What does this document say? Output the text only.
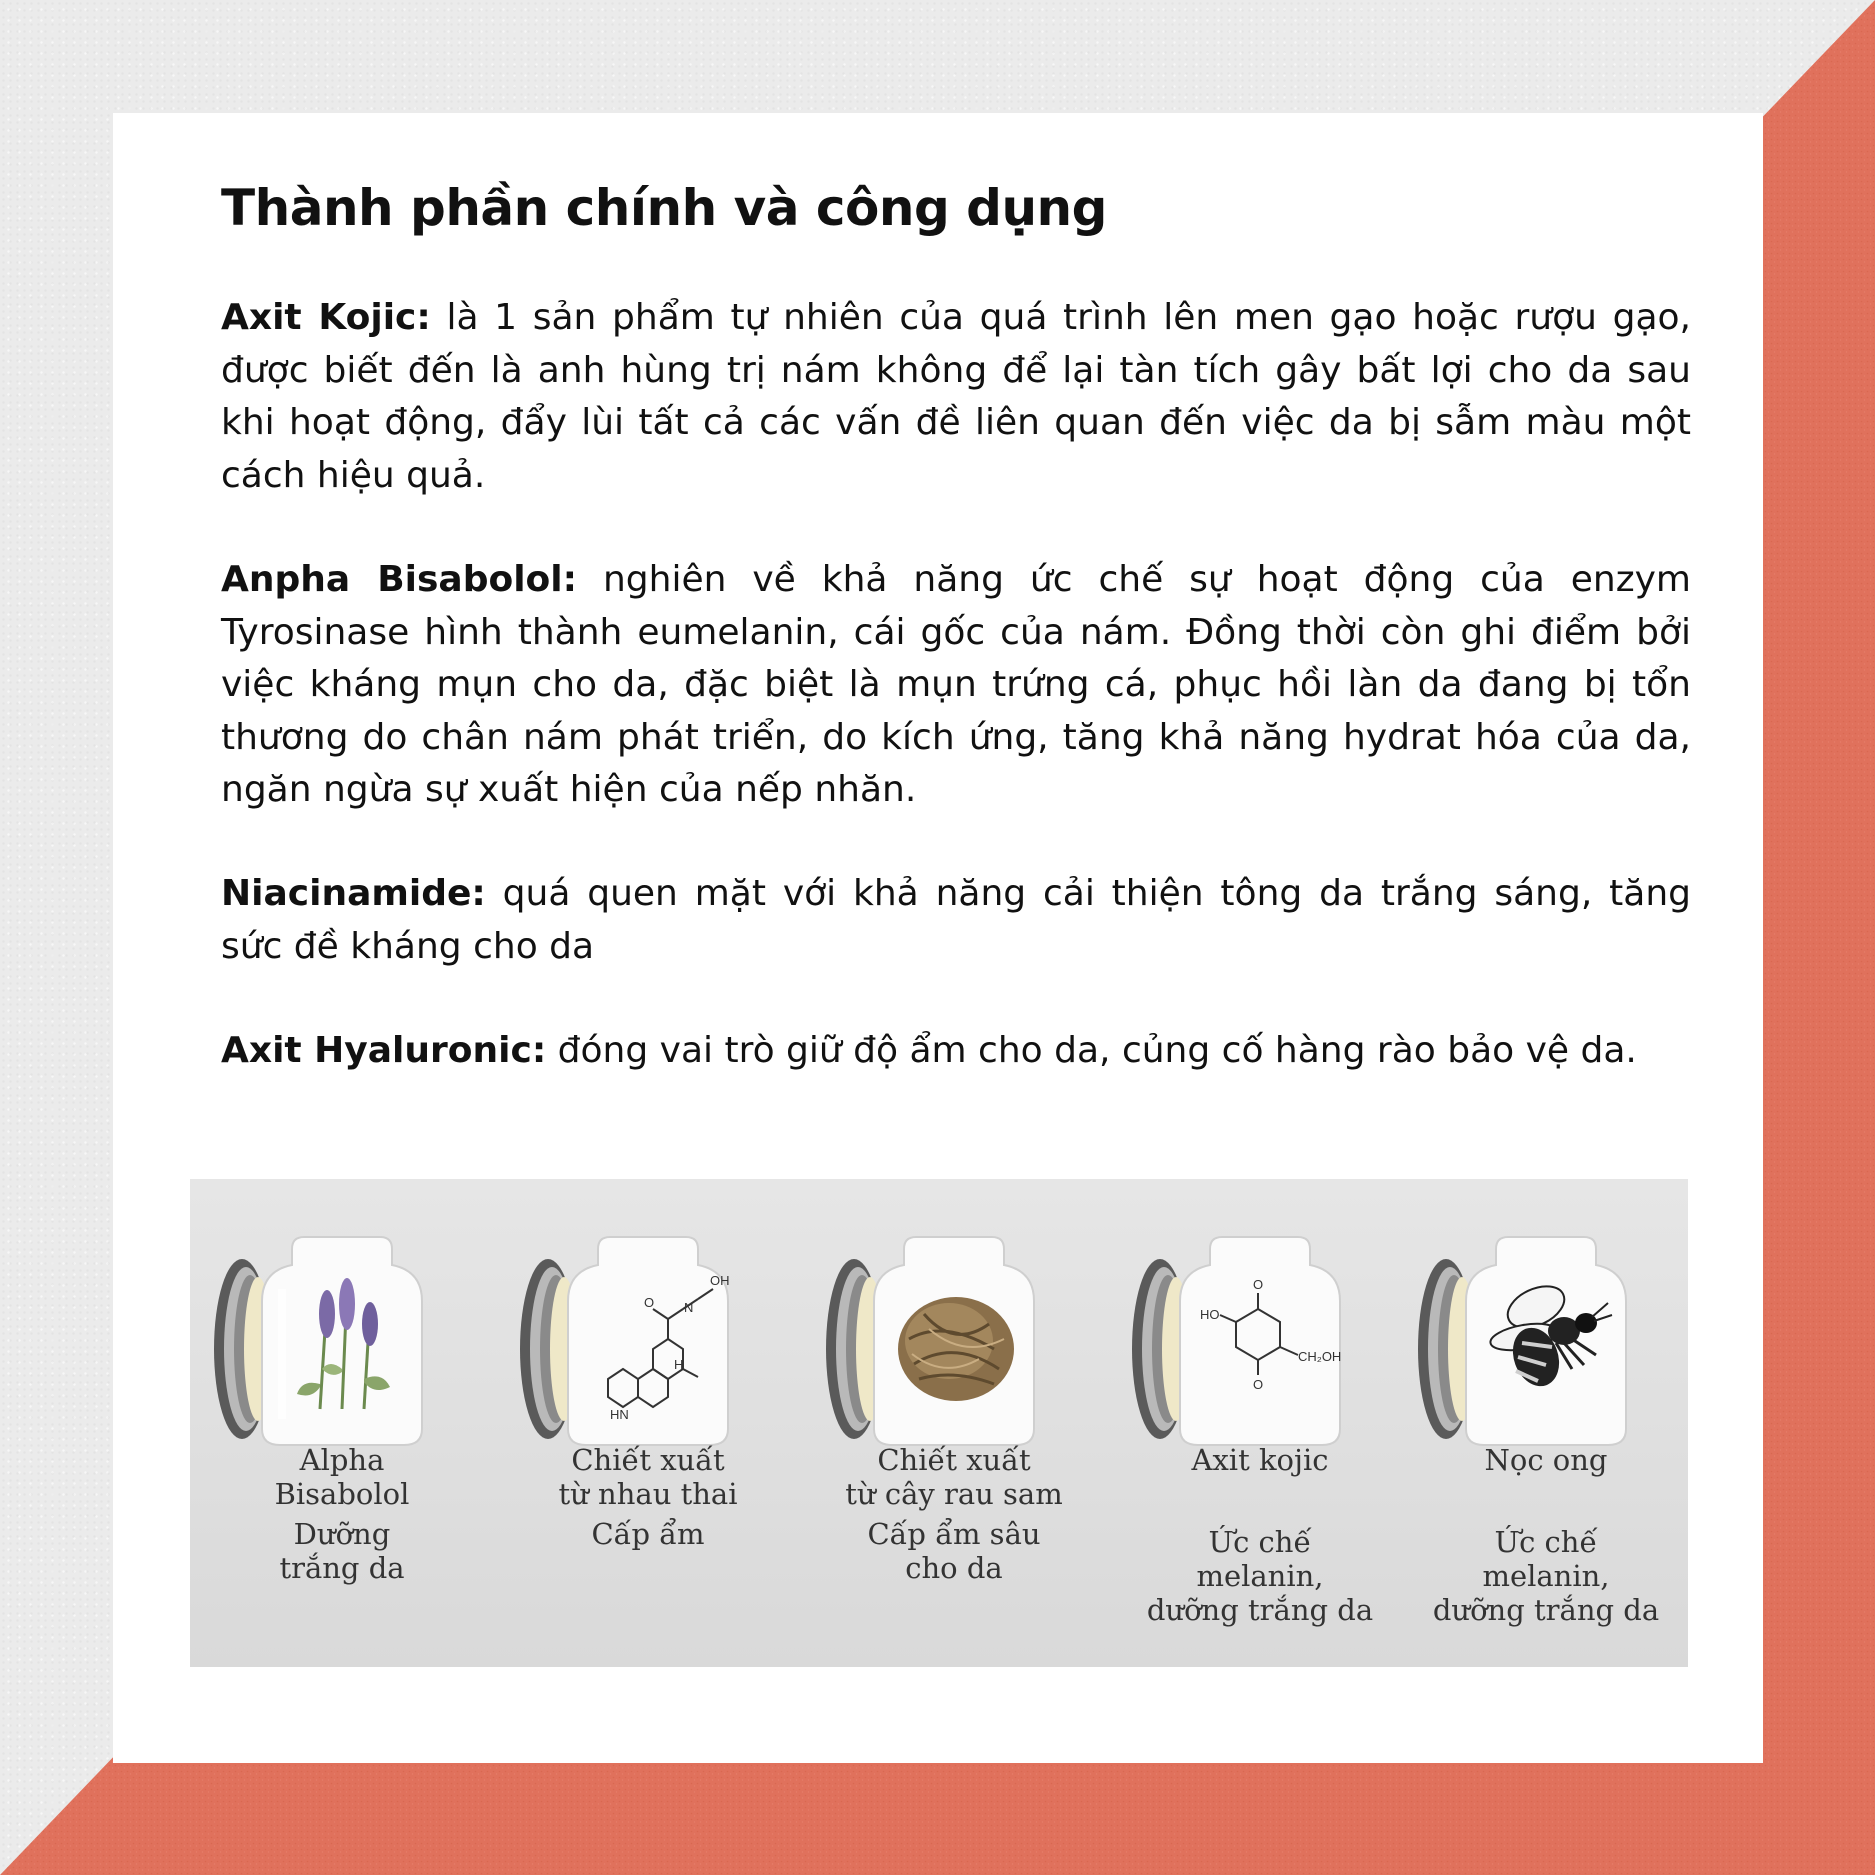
Thành phần chính và công dụng

Axit Kojic: là 1 sản phẩm tự nhiên của quá trình lên men gạo hoặc rượu gạo, được biết đến là anh hùng trị nám không để lại tàn tích gây bất lợi cho da sau khi hoạt động, đẩy lùi tất cả các vấn đề liên quan đến việc da bị sẫm màu một cách hiệu quả.

Anpha Bisabolol: nghiên về khả năng ức chế sự hoạt động của enzym Tyrosinase hình thành eumelanin, cái gốc của nám. Đồng thời còn ghi điểm bởi việc kháng mụn cho da, đặc biệt là mụn trứng cá, phục hồi làn da đang bị tổn thương do chân nám phát triển, do kích ứng, tăng khả năng hydrat hóa của da, ngăn ngừa sự xuất hiện của nếp nhăn.

Niacinamide: quá quen mặt với khả năng cải thiện tông da trắng sáng, tăng sức đề kháng cho da

Axit Hyaluronic: đóng vai trò giữ độ ẩm cho da, củng cố hàng rào bảo vệ da.

Alpha
Bisabolol

Dưỡng
trắng da

N
O
OH
HN
H

Chiết xuất
từ nhau thai

Cấp ẩm

Chiết xuất
từ cây rau sam

Cấp ẩm sâu
cho da

O
HO
CH₂OH
O

Axit kojic

Ức chế
melanin,
dưỡng trắng da

Nọc ong

Ức chế
melanin,
dưỡng trắng da
